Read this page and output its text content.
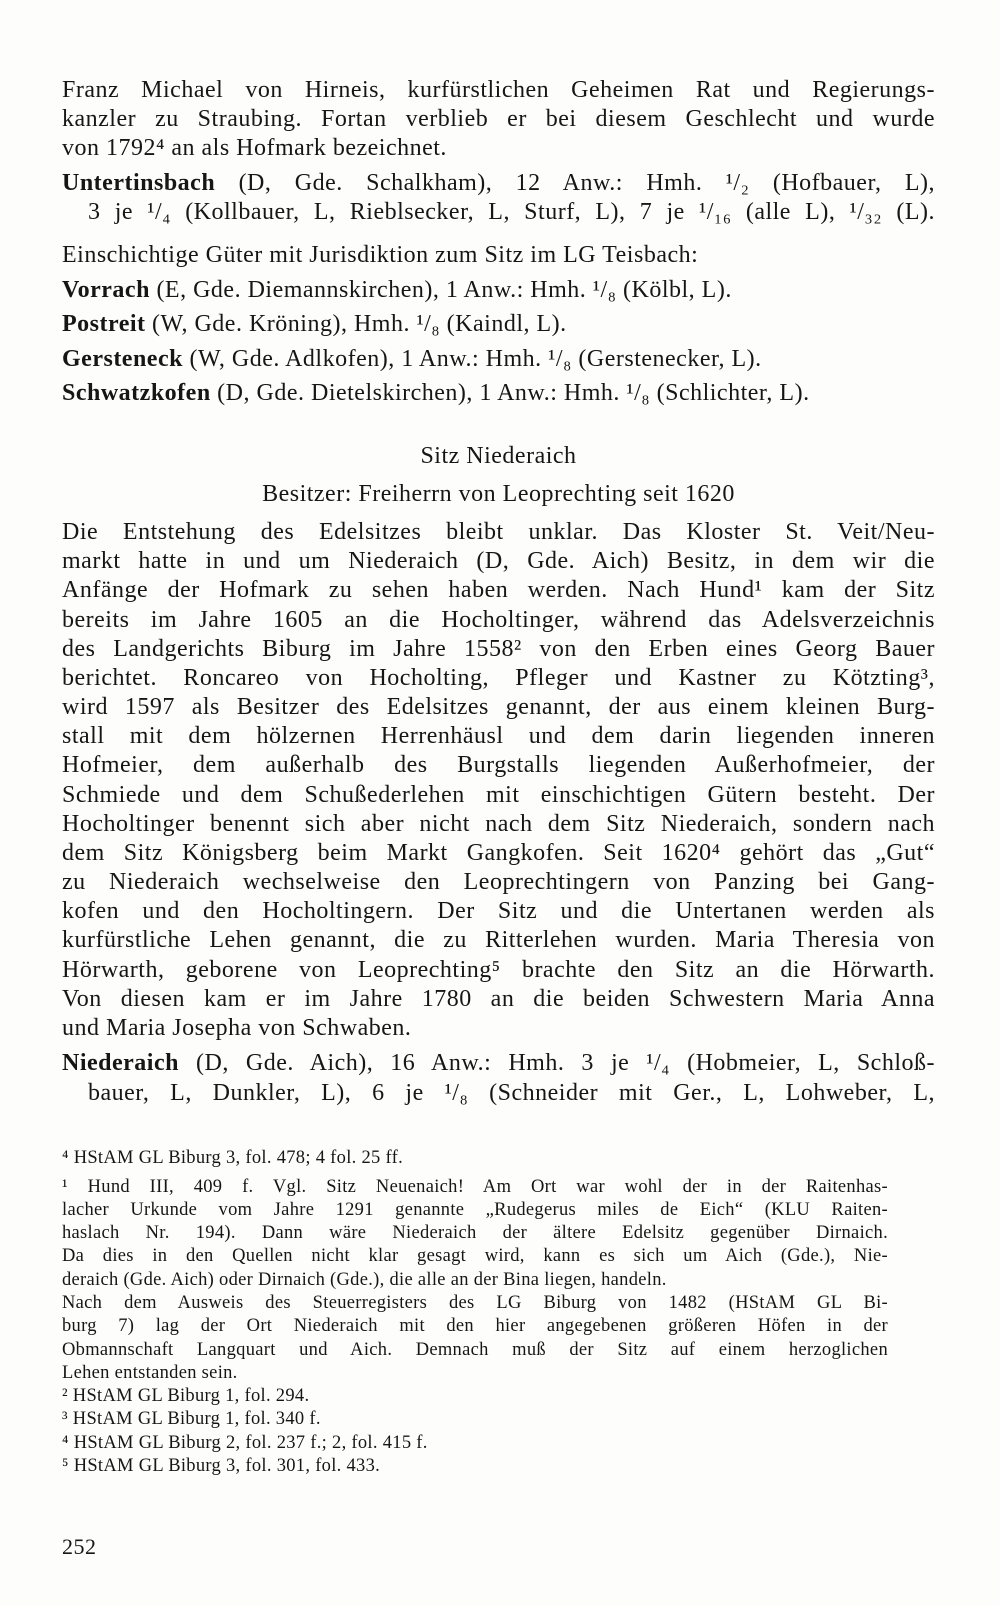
Franz Michael von Hirneis, kurfürstlichen Geheimen Rat und Regierungs-
kanzler zu Straubing. Fortan verblieb er bei diesem Geschlecht und wurde
von 1792⁴ an als Hofmark bezeichnet.
Untertinsbach (D, Gde. Schalkham), 12 Anw.: Hmh. ¹/₂ (Hofbauer, L),
3 je ¹/₄ (Kollbauer, L, Rieblsecker, L, Sturf, L), 7 je ¹/₁₆ (alle L), ¹/₃₂ (L).
Einschichtige Güter mit Jurisdiktion zum Sitz im LG Teisbach:
Vorrach (E, Gde. Diemannskirchen), 1 Anw.: Hmh. ¹/₈ (Kölbl, L).
Postreit (W, Gde. Kröning), Hmh. ¹/₈ (Kaindl, L).
Gersteneck (W, Gde. Adlkofen), 1 Anw.: Hmh. ¹/₈ (Gerstenecker, L).
Schwatzkofen (D, Gde. Dietelskirchen), 1 Anw.: Hmh. ¹/₈ (Schlichter, L).
Sitz Niederaich
Besitzer: Freiherrn von Leoprechting seit 1620
Die Entstehung des Edelsitzes bleibt unklar. Das Kloster St. Veit/Neu-
markt hatte in und um Niederaich (D, Gde. Aich) Besitz, in dem wir die
Anfänge der Hofmark zu sehen haben werden. Nach Hund¹ kam der Sitz
bereits im Jahre 1605 an die Hocholtinger, während das Adelsverzeichnis
des Landgerichts Biburg im Jahre 1558² von den Erben eines Georg Bauer
berichtet. Roncareo von Hocholting, Pfleger und Kastner zu Kötzting³,
wird 1597 als Besitzer des Edelsitzes genannt, der aus einem kleinen Burg-
stall mit dem hölzernen Herrenhäusl und dem darin liegenden inneren
Hofmeier, dem außerhalb des Burgstalls liegenden Außerhofmeier, der
Schmiede und dem Schußederlehen mit einschichtigen Gütern besteht. Der
Hocholtinger benennt sich aber nicht nach dem Sitz Niederaich, sondern nach
dem Sitz Königsberg beim Markt Gangkofen. Seit 1620⁴ gehört das „Gut“
zu Niederaich wechselweise den Leoprechtingern von Panzing bei Gang-
kofen und den Hocholtingern. Der Sitz und die Untertanen werden als
kurfürstliche Lehen genannt, die zu Ritterlehen wurden. Maria Theresia von
Hörwarth, geborene von Leoprechting⁵ brachte den Sitz an die Hörwarth.
Von diesen kam er im Jahre 1780 an die beiden Schwestern Maria Anna
und Maria Josepha von Schwaben.
Niederaich (D, Gde. Aich), 16 Anw.: Hmh. 3 je ¹/₄ (Hobmeier, L, Schloß-
bauer, L, Dunkler, L), 6 je ¹/₈ (Schneider mit Ger., L, Lohweber, L,
⁴ HStAM GL Biburg 3, fol. 478; 4 fol. 25 ff.
¹ Hund III, 409 f. Vgl. Sitz Neuenaich! Am Ort war wohl der in der Raitenhas-
lacher Urkunde vom Jahre 1291 genannte „Rudegerus miles de Eich“ (KLU Raiten-
haslach Nr. 194). Dann wäre Niederaich der ältere Edelsitz gegenüber Dirnaich.
Da dies in den Quellen nicht klar gesagt wird, kann es sich um Aich (Gde.), Nie-
deraich (Gde. Aich) oder Dirnaich (Gde.), die alle an der Bina liegen, handeln.
Nach dem Ausweis des Steuerregisters des LG Biburg von 1482 (HStAM GL Bi-
burg 7) lag der Ort Niederaich mit den hier angegebenen größeren Höfen in der
Obmannschaft Langquart und Aich. Demnach muß der Sitz auf einem herzoglichen
Lehen entstanden sein.
² HStAM GL Biburg 1, fol. 294.
³ HStAM GL Biburg 1, fol. 340 f.
⁴ HStAM GL Biburg 2, fol. 237 f.; 2, fol. 415 f.
⁵ HStAM GL Biburg 3, fol. 301, fol. 433.
252
